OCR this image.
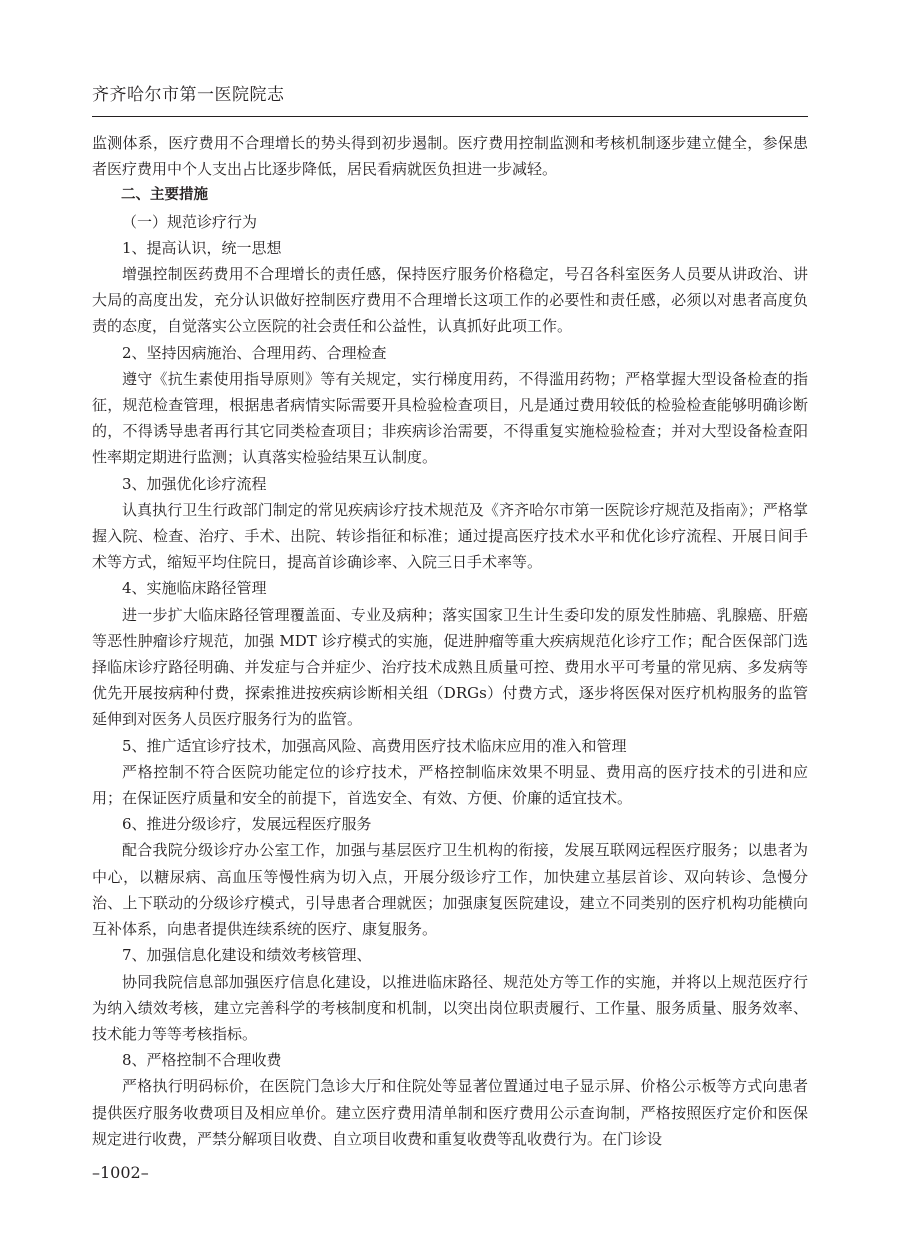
齐齐哈尔市第一医院院志

监测体系，医疗费用不合理增长的势头得到初步遏制。医疗费用控制监测和考核机制逐步建立健全，参保患者医疗费用中个人支出占比逐步降低，居民看病就医负担进一步减轻。

二、主要措施

（一）规范诊疗行为

1、提高认识，统一思想

增强控制医药费用不合理增长的责任感，保持医疗服务价格稳定，号召各科室医务人员要从讲政治、讲大局的高度出发，充分认识做好控制医疗费用不合理增长这项工作的必要性和责任感，必须以对患者高度负责的态度，自觉落实公立医院的社会责任和公益性，认真抓好此项工作。

2、坚持因病施治、合理用药、合理检查

遵守《抗生素使用指导原则》等有关规定，实行梯度用药，不得滥用药物；严格掌握大型设备检查的指征，规范检查管理，根据患者病情实际需要开具检验检查项目，凡是通过费用较低的检验检查能够明确诊断的，不得诱导患者再行其它同类检查项目；非疾病诊治需要，不得重复实施检验检查；并对大型设备检查阳性率期定期进行监测；认真落实检验结果互认制度。

3、加强优化诊疗流程

认真执行卫生行政部门制定的常见疾病诊疗技术规范及《齐齐哈尔市第一医院诊疗规范及指南》；严格掌握入院、检查、治疗、手术、出院、转诊指征和标准；通过提高医疗技术水平和优化诊疗流程、开展日间手术等方式，缩短平均住院日，提高首诊确诊率、入院三日手术率等。

4、实施临床路径管理

进一步扩大临床路径管理覆盖面、专业及病种；落实国家卫生计生委印发的原发性肺癌、乳腺癌、肝癌等恶性肿瘤诊疗规范，加强 MDT 诊疗模式的实施，促进肿瘤等重大疾病规范化诊疗工作；配合医保部门选择临床诊疗路径明确、并发症与合并症少、治疗技术成熟且质量可控、费用水平可考量的常见病、多发病等优先开展按病种付费，探索推进按疾病诊断相关组（DRGs）付费方式，逐步将医保对医疗机构服务的监管延伸到对医务人员医疗服务行为的监管。

5、推广适宜诊疗技术，加强高风险、高费用医疗技术临床应用的准入和管理

严格控制不符合医院功能定位的诊疗技术，严格控制临床效果不明显、费用高的医疗技术的引进和应用；在保证医疗质量和安全的前提下，首选安全、有效、方便、价廉的适宜技术。

6、推进分级诊疗，发展远程医疗服务

配合我院分级诊疗办公室工作，加强与基层医疗卫生机构的衔接，发展互联网远程医疗服务；以患者为中心，以糖尿病、高血压等慢性病为切入点，开展分级诊疗工作，加快建立基层首诊、双向转诊、急慢分治、上下联动的分级诊疗模式，引导患者合理就医；加强康复医院建设，建立不同类别的医疗机构功能横向互补体系，向患者提供连续系统的医疗、康复服务。

7、加强信息化建设和绩效考核管理、

协同我院信息部加强医疗信息化建设，以推进临床路径、规范处方等工作的实施，并将以上规范医疗行为纳入绩效考核，建立完善科学的考核制度和机制，以突出岗位职责履行、工作量、服务质量、服务效率、技术能力等等考核指标。

8、严格控制不合理收费

严格执行明码标价，在医院门急诊大厅和住院处等显著位置通过电子显示屏、价格公示板等方式向患者提供医疗服务收费项目及相应单价。建立医疗费用清单制和医疗费用公示查询制，严格按照医疗定价和医保规定进行收费，严禁分解项目收费、自立项目收费和重复收费等乱收费行为。在门诊设

–1002–
